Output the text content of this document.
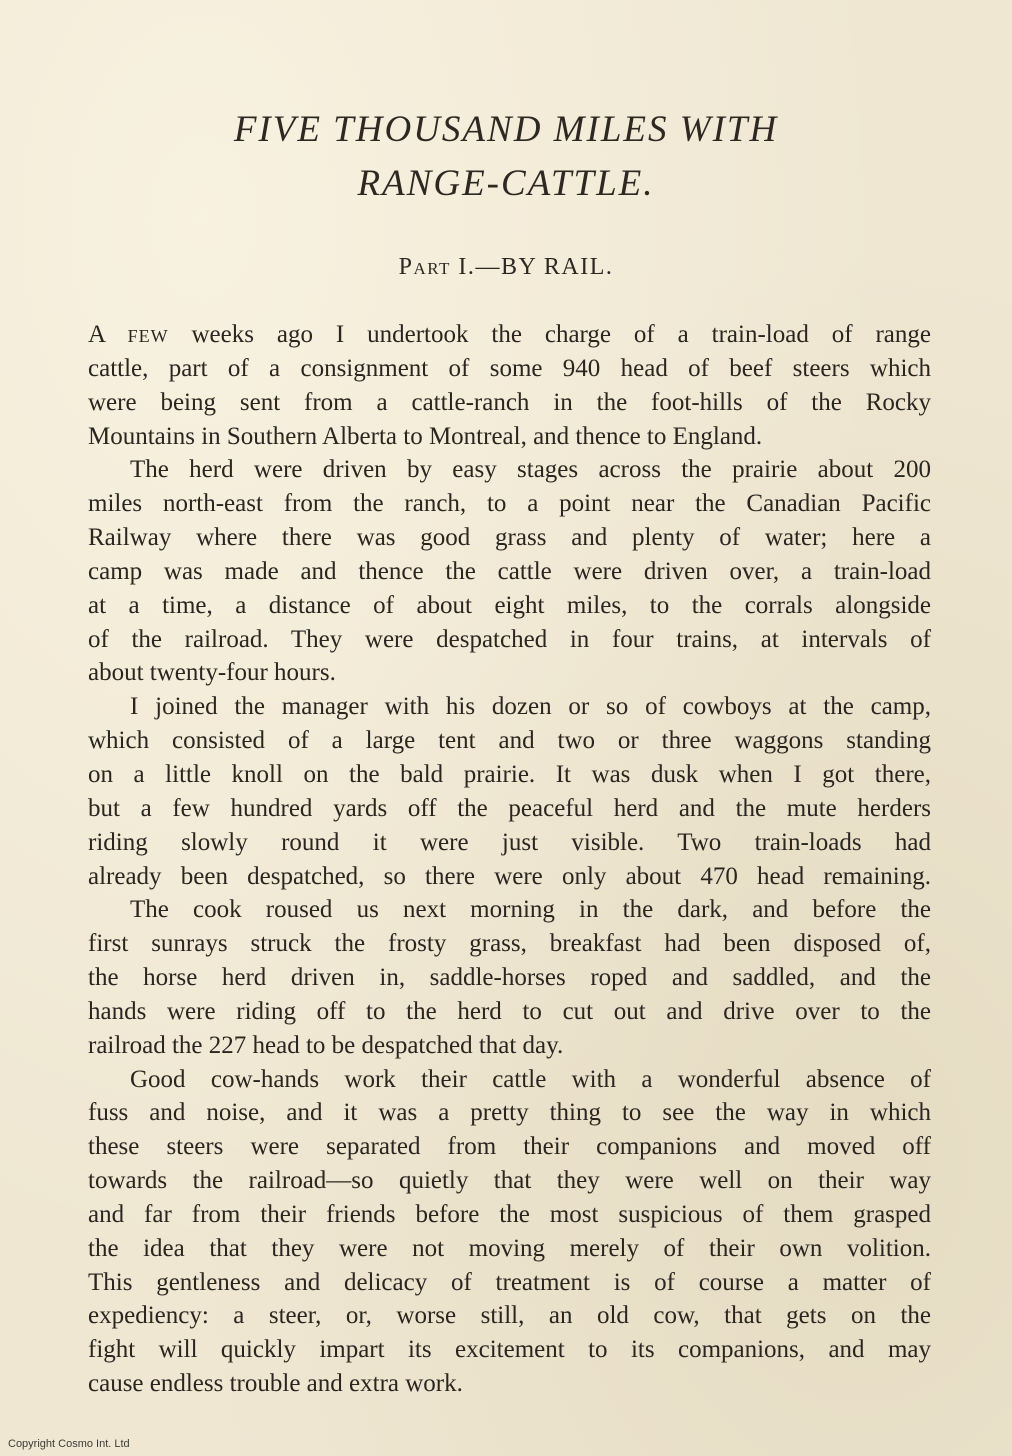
FIVE THOUSAND MILES WITH
RANGE-CATTLE.
Part I.—BY RAIL.
A few weeks ago I undertook the charge of a train-load of range
cattle, part of a consignment of some 940 head of beef steers which
were being sent from a cattle-ranch in the foot-hills of the Rocky
Mountains in Southern Alberta to Montreal, and thence to England.
The herd were driven by easy stages across the prairie about 200
miles north-east from the ranch, to a point near the Canadian Pacific
Railway where there was good grass and plenty of water; here a
camp was made and thence the cattle were driven over, a train-load
at a time, a distance of about eight miles, to the corrals alongside
of the railroad. They were despatched in four trains, at intervals of
about twenty-four hours.
I joined the manager with his dozen or so of cowboys at the camp,
which consisted of a large tent and two or three waggons standing
on a little knoll on the bald prairie. It was dusk when I got there,
but a few hundred yards off the peaceful herd and the mute herders
riding slowly round it were just visible. Two train-loads had
already been despatched, so there were only about 470 head remaining.
The cook roused us next morning in the dark, and before the
first sunrays struck the frosty grass, breakfast had been disposed of,
the horse herd driven in, saddle-horses roped and saddled, and the
hands were riding off to the herd to cut out and drive over to the
railroad the 227 head to be despatched that day.
Good cow-hands work their cattle with a wonderful absence of
fuss and noise, and it was a pretty thing to see the way in which
these steers were separated from their companions and moved off
towards the railroad—so quietly that they were well on their way
and far from their friends before the most suspicious of them grasped
the idea that they were not moving merely of their own volition.
This gentleness and delicacy of treatment is of course a matter of
expediency: a steer, or, worse still, an old cow, that gets on the
fight will quickly impart its excitement to its companions, and may
cause endless trouble and extra work.
Copyright Cosmo Int. Ltd
